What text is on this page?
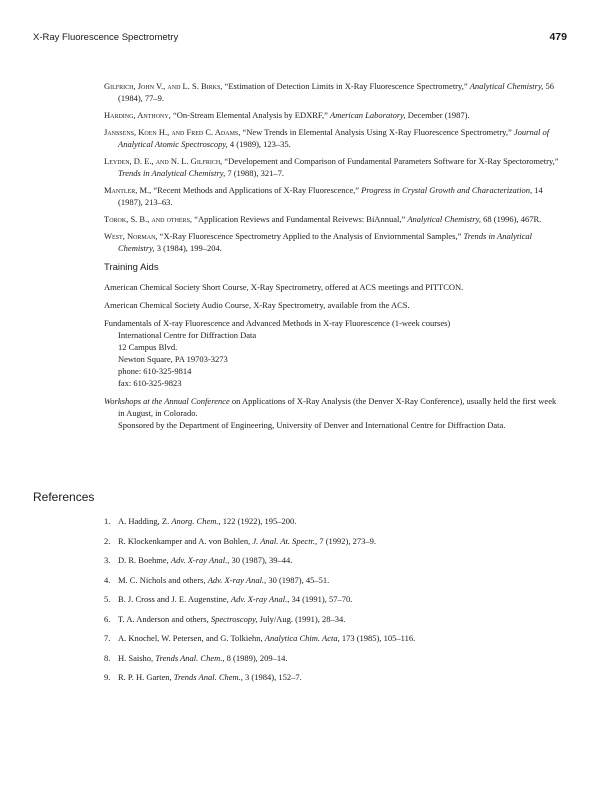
X-Ray Fluorescence Spectrometry	479

Gilfrich, John V., and L. S. Birks, “Estimation of Detection Limits in X-Ray Fluorescence Spectrometry,” Analytical Chemistry, 56 (1984), 77–9.

Harding, Anthony, “On-Stream Elemental Analysis by EDXRF,” American Laboratory, December (1987).

Janssens, Koen H., and Fred C. Adams, “New Trends in Elemental Analysis Using X-Ray Fluorescence Spectrometry,” Journal of Analytical Atomic Spectroscopy, 4 (1989), 123–35.

Leyden, D. E., and N. L. Gilfrich, “Developement and Comparison of Fundamental Parameters Software for X-Ray Spectorometry,” Trends in Analytical Chemistry, 7 (1988), 321–7.

Mantler, M., “Recent Methods and Applications of X-Ray Fluorescence,” Progress in Crystal Growth and Characterization, 14 (1987), 213–63.

Torok, S. B., and others, “Application Reviews and Fundamental Reivews: BiAnnual,” Analytical Chemistry, 68 (1996), 467R.

West, Norman, “X-Ray Fluorescence Spectrometry Applied to the Analysis of Enviornmental Samples,” Trends in Analytical Chemistry, 3 (1984), 199–204.

Training Aids

American Chemical Society Short Course, X-Ray Spectrometry, offered at ACS meetings and PITTCON.

American Chemical Society Audio Course, X-Ray Spectrometry, available from the ACS.

Fundamentals of X-ray Fluorescence and Advanced Methods in X-ray Fluorescence (1-week courses)
International Centre for Diffraction Data
12 Campus Blvd.
Newton Square, PA 19703-3273
phone: 610-325-9814
fax: 610-325-9823
Workshops at the Annual Conference on Applications of X-Ray Analysis (the Denver X-Ray Conference), usually held the first week in August, in Colorado.
Sponsored by the Department of Engineering, University of Denver and International Centre for Diffraction Data.
References
1. A. Hadding, Z. Anorg. Chem., 122 (1922), 195–200.
2. R. Klockenkamper and A. von Bohlen, J. Anal. At. Spectr., 7 (1992), 273–9.
3. D. R. Boehme, Adv. X-ray Anal., 30 (1987), 39–44.
4. M. C. Nichols and others, Adv. X-ray Anal., 30 (1987), 45–51.
5. B. J. Cross and J. E. Augenstine, Adv. X-ray Anal., 34 (1991), 57–70.
6. T. A. Anderson and others, Spectroscopy, July/Aug. (1991), 28–34.
7. A. Knochel, W. Petersen, and G. Tolkiehn, Analytica Chim. Acta, 173 (1985), 105–116.
8. H. Saisho, Trends Anal. Chem., 8 (1989), 209–14.
9. R. P. H. Garten, Trends Anal. Chem., 3 (1984), 152–7.
